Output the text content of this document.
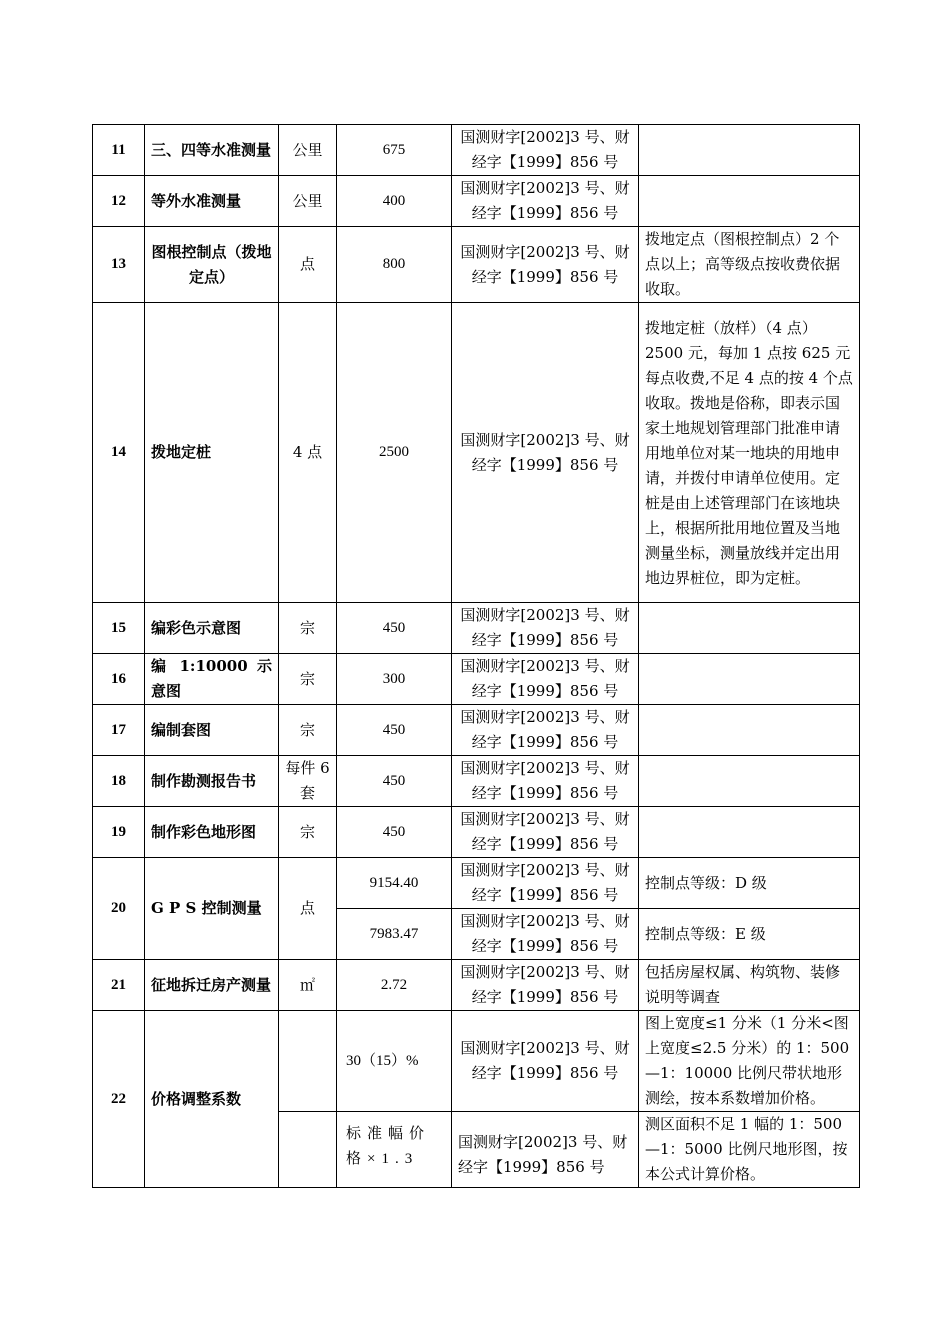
11	三、四等水准测量	公里	675	国测财字[2002]3 号、财经字【1999】856 号	
12	等外水准测量	公里	400	国测财字[2002]3 号、财经字【1999】856 号	
13	图根控制点（拨地定点）	点	800	国测财字[2002]3 号、财经字【1999】856 号	拨地定点（图根控制点）2 个点以上；高等级点按收费依据收取。
14	拨地定桩	4 点	2500	国测财字[2002]3 号、财经字【1999】856 号	拨地定桩（放样）（4 点）2500 元，每加 1 点按 625 元每点收费,不足 4 点的按 4 个点收取。拨地是俗称，即表示国家土地规划管理部门批准申请用地单位对某一地块的用地申请，并拨付申请单位使用。定桩是由上述管理部门在该地块上，根据所批用地位置及当地测量坐标，测量放线并定出用地边界桩位，即为定桩。
15	编彩色示意图	宗	450	国测财字[2002]3 号、财经字【1999】856 号	
16	编 1:10000 示意图	宗	300	国测财字[2002]3 号、财经字【1999】856 号	
17	编制套图	宗	450	国测财字[2002]3 号、财经字【1999】856 号	
18	制作勘测报告书	每件 6 套	450	国测财字[2002]3 号、财经字【1999】856 号	
19	制作彩色地形图	宗	450	国测财字[2002]3 号、财经字【1999】856 号	
20	G P S 控制测量	点	9154.40	国测财字[2002]3 号、财经字【1999】856 号	控制点等级：D 级
			7983.47	国测财字[2002]3 号、财经字【1999】856 号	控制点等级：E 级
21	征地拆迁房产测量	㎡	2.72	国测财字[2002]3 号、财经字【1999】856 号	包括房屋权属、构筑物、装修说明等调查
22	价格调整系数		30（15）%	国测财字[2002]3 号、财经字【1999】856 号	图上宽度≤1 分米（1 分米<图上宽度≤2.5 分米）的 1：500—1：10000 比例尺带状地形测绘，按本系数增加价格。
			标准幅价格×1.3	国测财字[2002]3 号、财经字【1999】856 号	测区面积不足 1 幅的 1：500—1：5000 比例尺地形图，按本公式计算价格。
